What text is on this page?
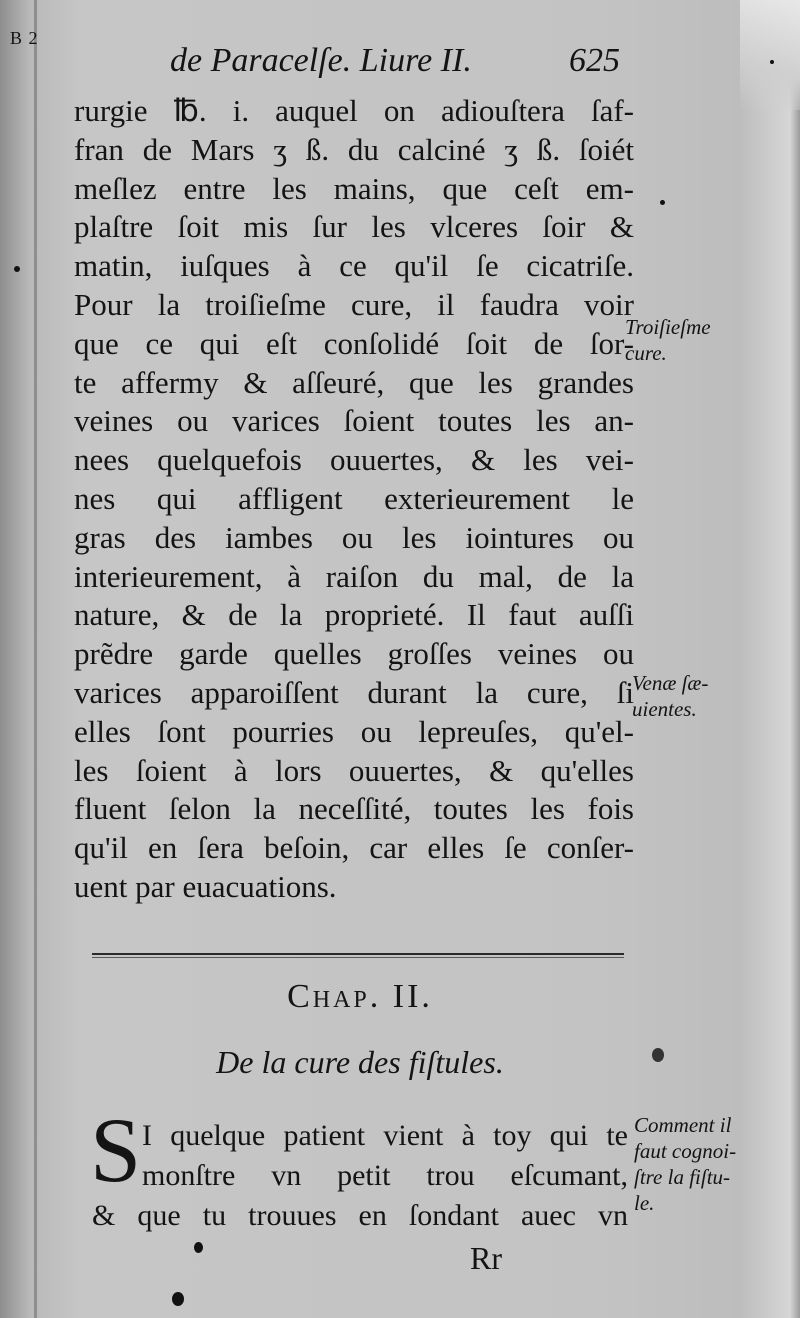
B 2
de Paracelſe. Liure II.	625
rurgie ℔. i. auquel on adiouſtera ſaf-
fran de Mars ʒ ß. du calciné ʒ ß. ſoiét
meſlez entre les mains, que ceſt em-
plaſtre ſoit mis ſur les vlceres ſoir &
matin, iuſques à ce qu'il ſe cicatriſe.
Pour la troiſieſme cure, il faudra voir
que ce qui eſt conſolidé ſoit de ſor-
te affermy & aſſeuré, que les grandes
veines ou varices ſoient toutes les an-
nees quelquefois ouuertes, & les vei-
nes qui affligent exterieurement le
gras des iambes ou les iointures ou
interieurement, à raiſon du mal, de la
nature, & de la proprieté. Il faut auſſi
prẽdre garde quelles groſſes veines ou
varices apparoiſſent durant la cure, ſi
elles ſont pourries ou lepreuſes, qu'el-
les ſoient à lors ouuertes, & qu'elles
fluent ſelon la neceſſité, toutes les fois
qu'il en ſera beſoin, car elles ſe conſer-
uent par euacuations.
Troiſieſme
cure.
Venæ ſæ-
uientes.
Comment il
faut cognoi-
ſtre la fiſtu-
le.
Chap. II.
De la cure des fiſtules.
S I quelque patient vient à toy qui te
monſtre vn petit trou eſcumant,
& que tu trouues en ſondant auec vn
Rr
